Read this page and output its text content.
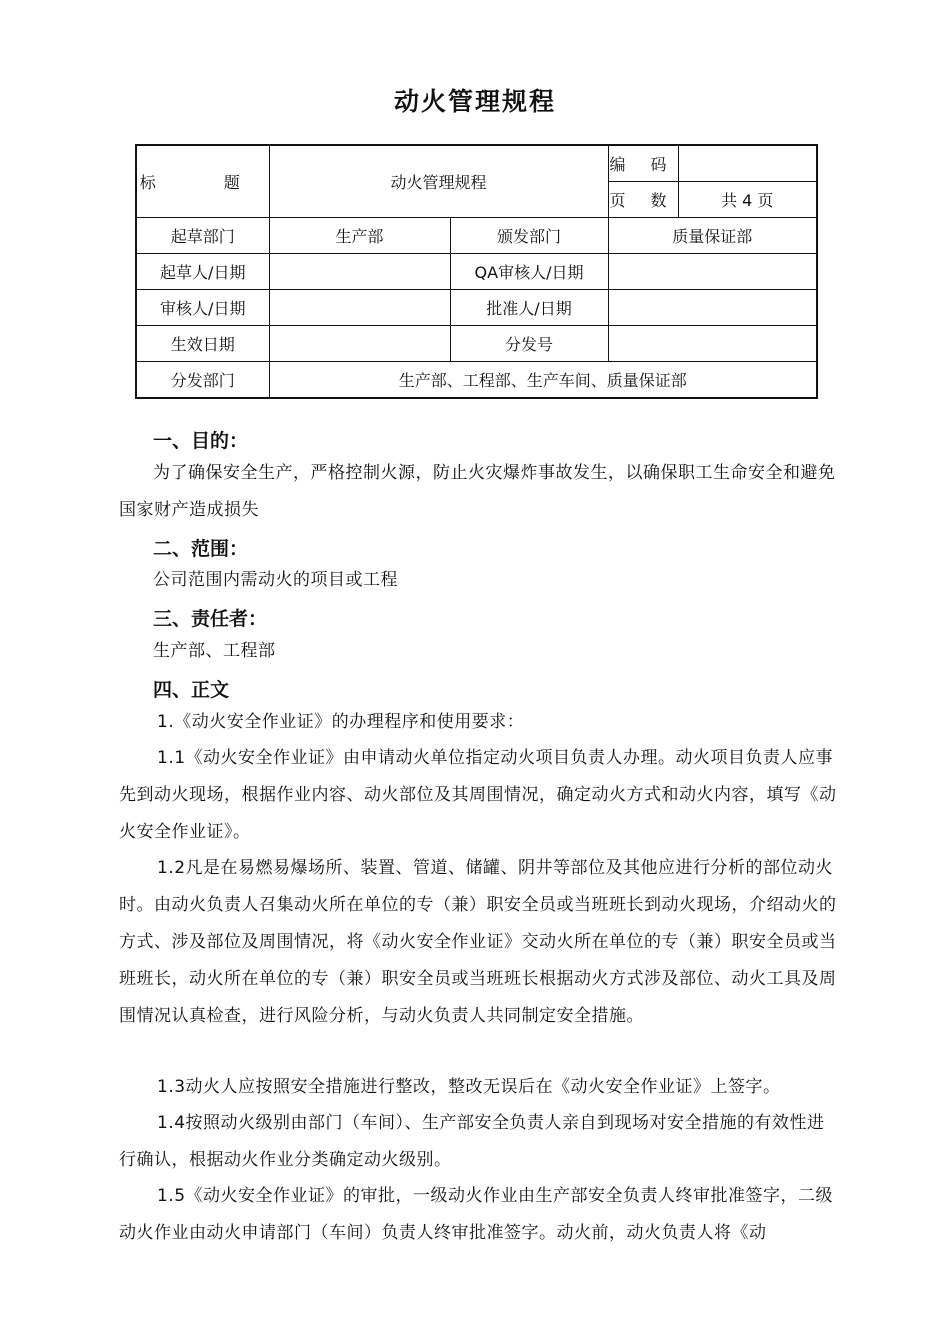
动火管理规程
标　题	动火管理规程		编 码	
			页 数	共 4 页
起草部门	生产部	颁发部门	质量保证部	
起草人/日期		QA审核人/日期		
审核人/日期		批准人/日期		
生效日期		分发号		
分发部门	生产部、工程部、生产车间、质量保证部			
一、目的：
为了确保安全生产，严格控制火源，防止火灾爆炸事故发生，以确保职工生命安全和避免国家财产造成损失
二、范围：
公司范围内需动火的项目或工程
三、责任者：
生产部、工程部
四、正文
1.《动火安全作业证》的办理程序和使用要求：
1.1《动火安全作业证》由申请动火单位指定动火项目负责人办理。动火项目负责人应事先到动火现场，根据作业内容、动火部位及其周围情况，确定动火方式和动火内容，填写《动火安全作业证》。
1.2凡是在易燃易爆场所、装置、管道、储罐、阴井等部位及其他应进行分析的部位动火时。由动火负责人召集动火所在单位的专（兼）职安全员或当班班长到动火现场，介绍动火的方式、涉及部位及周围情况，将《动火安全作业证》交动火所在单位的专（兼）职安全员或当班班长，动火所在单位的专（兼）职安全员或当班班长根据动火方式涉及部位、动火工具及周围情况认真检查，进行风险分析，与动火负责人共同制定安全措施。
1.3动火人应按照安全措施进行整改，整改无误后在《动火安全作业证》上签字。
1.4按照动火级别由部门（车间）、生产部安全负责人亲自到现场对安全措施的有效性进行确认，根据动火作业分类确定动火级别。
1.5《动火安全作业证》的审批，一级动火作业由生产部安全负责人终审批准签字，二级动火作业由动火申请部门（车间）负责人终审批准签字。动火前，动火负责人将《动
